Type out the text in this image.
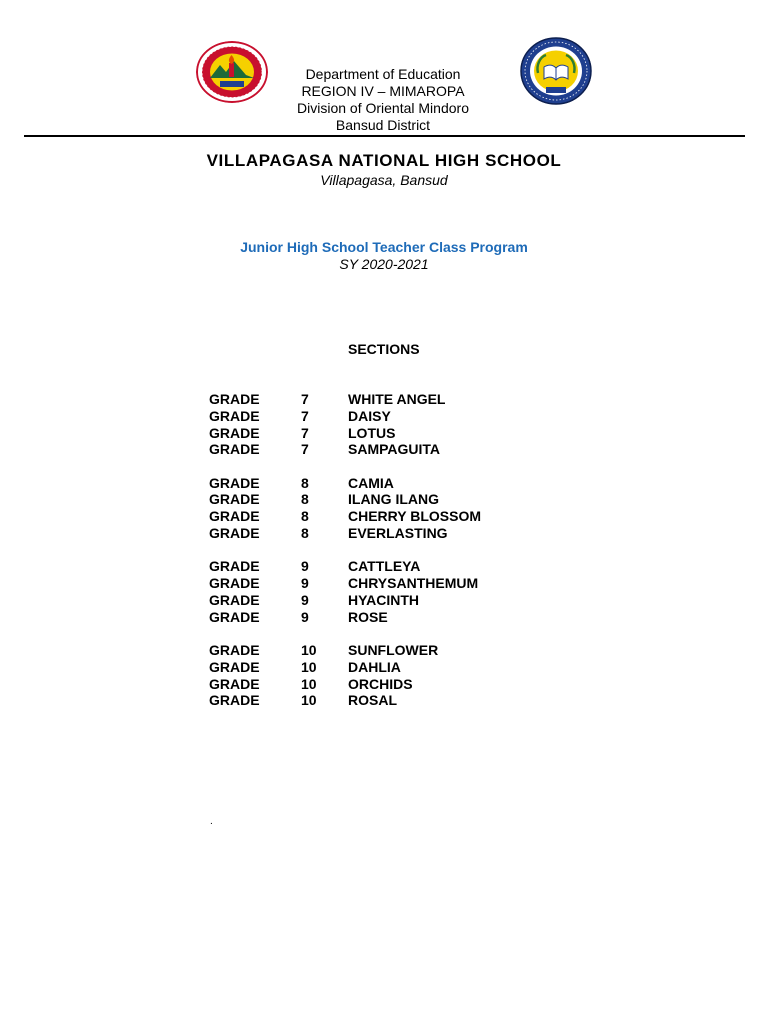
Department of Education
REGION IV – MIMAROPA
Division of Oriental Mindoro
Bansud District
VILLAPAGASA NATIONAL HIGH SCHOOL
Villapagasa, Bansud
Junior High School Teacher Class Program
SY 2020-2021
SECTIONS
GRADE	7	WHITE ANGEL
GRADE	7	DAISY
GRADE	7	LOTUS
GRADE	7	SAMPAGUITA
GRADE	8	CAMIA
GRADE	8	ILANG ILANG
GRADE	8	CHERRY BLOSSOM
GRADE	8	EVERLASTING
GRADE	9	CATTLEYA
GRADE	9	CHRYSANTHEMUM
GRADE	9	HYACINTH
GRADE	9	ROSE
GRADE	10 SUNFLOWER
GRADE	10 DAHLIA
GRADE	10 ORCHIDS
GRADE	10 ROSAL
.
